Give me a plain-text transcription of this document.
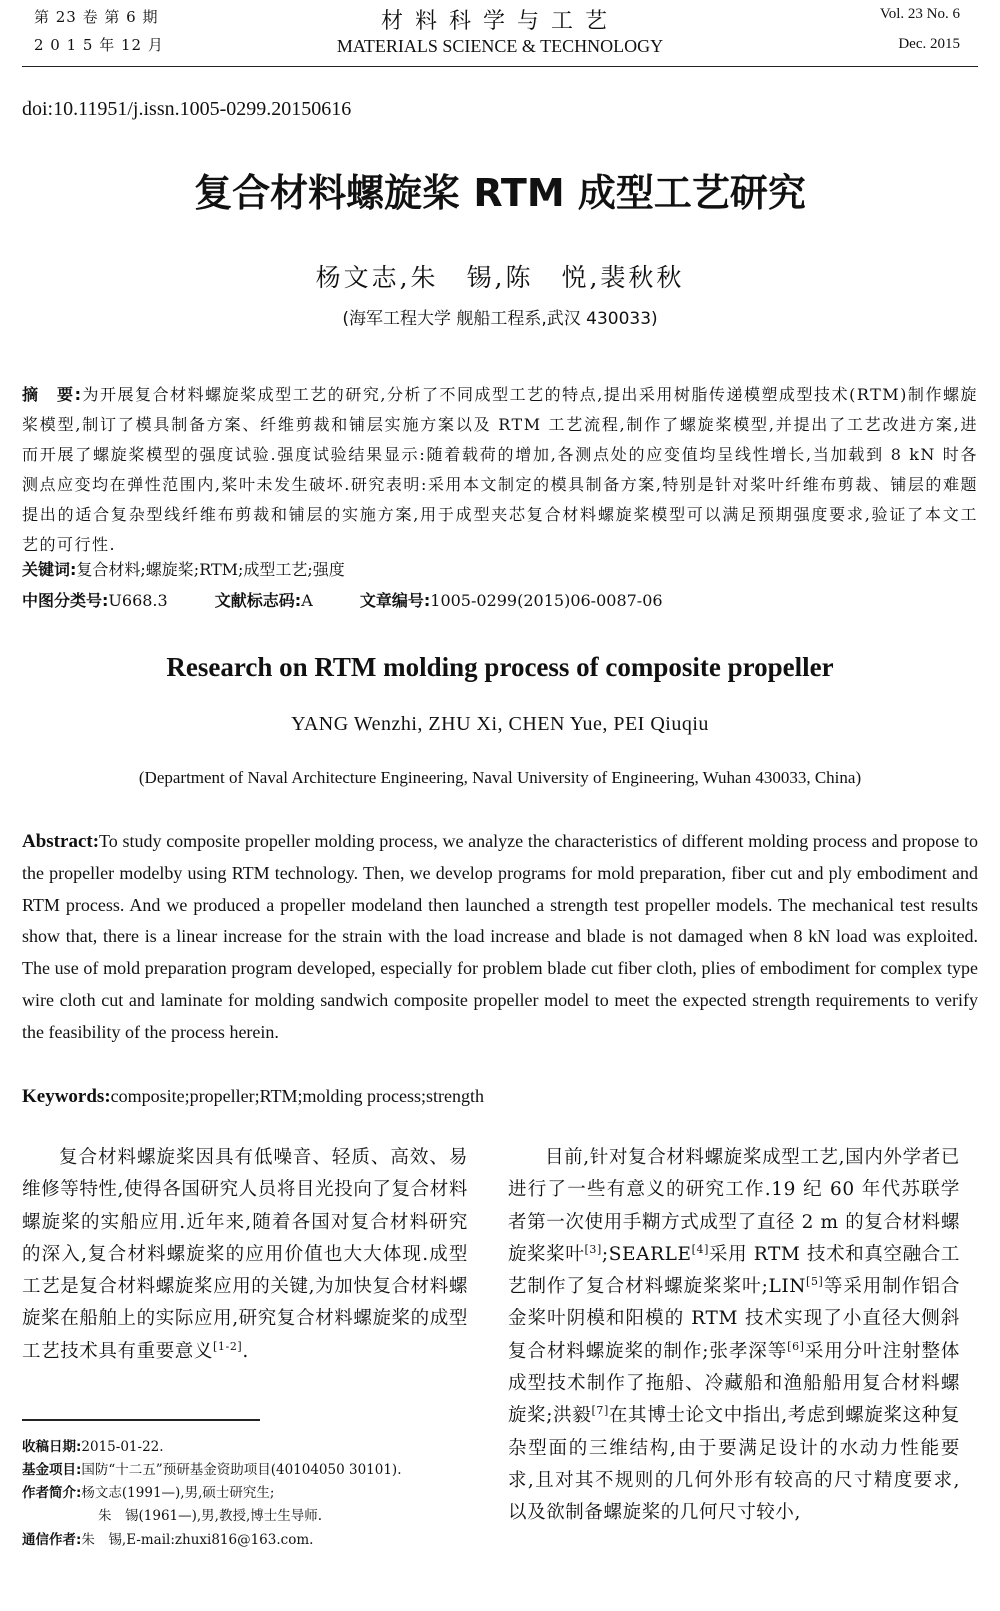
第 23 卷 第 6 期
2 0 1 5 年 12 月
材料科学与工艺
MATERIALS SCIENCE & TECHNOLOGY
Vol. 23 No. 6
Dec. 2015
doi:10.11951/j.issn.1005-0299.20150616
复合材料螺旋桨 RTM 成型工艺研究
杨文志,朱　锡,陈　悦,裴秋秋
(海军工程大学 舰船工程系,武汉 430033)
摘　要:为开展复合材料螺旋桨成型工艺的研究,分析了不同成型工艺的特点,提出采用树脂传递模塑成型技术(RTM)制作螺旋桨模型,制订了模具制备方案、纤维剪裁和铺层实施方案以及 RTM 工艺流程,制作了螺旋桨模型,并提出了工艺改进方案,进而开展了螺旋桨模型的强度试验.强度试验结果显示:随着载荷的增加,各测点处的应变值均呈线性增长,当加载到 8 kN 时各测点应变均在弹性范围内,桨叶未发生破坏.研究表明:采用本文制定的模具制备方案,特别是针对桨叶纤维布剪裁、铺层的难题提出的适合复杂型线纤维布剪裁和铺层的实施方案,用于成型夹芯复合材料螺旋桨模型可以满足预期强度要求,验证了本文工艺的可行性.
关键词:复合材料;螺旋桨;RTM;成型工艺;强度
中图分类号:U668.3	文献标志码:A	文章编号:1005-0299(2015)06-0087-06
Research on RTM molding process of composite propeller
YANG Wenzhi, ZHU Xi, CHEN Yue, PEI Qiuqiu
(Department of Naval Architecture Engineering, Naval University of Engineering, Wuhan 430033, China)
Abstract:To study composite propeller molding process, we analyze the characteristics of different molding process and propose to the propeller modelby using RTM technology. Then, we develop programs for mold preparation, fiber cut and ply embodiment and RTM process. And we produced a propeller modeland then launched a strength test propeller models. The mechanical test results show that, there is a linear increase for the strain with the load increase and blade is not damaged when 8 kN load was exploited. The use of mold preparation program developed, especially for problem blade cut fiber cloth, plies of embodiment for complex type wire cloth cut and laminate for molding sandwich composite propeller model to meet the expected strength requirements to verify the feasibility of the process herein.
Keywords:composite;propeller;RTM;molding process;strength
复合材料螺旋桨因具有低噪音、轻质、高效、易维修等特性,使得各国研究人员将目光投向了复合材料螺旋桨的实船应用.近年来,随着各国对复合材料研究的深入,复合材料螺旋桨的应用价值也大大体现.成型工艺是复合材料螺旋桨应用的关键,为加快复合材料螺旋桨在船舶上的实际应用,研究复合材料螺旋桨的成型工艺技术具有重要意义[1-2].
目前,针对复合材料螺旋桨成型工艺,国内外学者已进行了一些有意义的研究工作.19 纪 60 年代苏联学者第一次使用手糊方式成型了直径 2 m 的复合材料螺旋桨桨叶[3];SEARLE[4]采用 RTM 技术和真空融合工艺制作了复合材料螺旋桨桨叶;LIN[5]等采用制作铝合金桨叶阴模和阳模的 RTM 技术实现了小直径大侧斜复合材料螺旋桨的制作;张孝深等[6]采用分叶注射整体成型技术制作了拖船、冷藏船和渔船船用复合材料螺旋桨;洪毅[7]在其博士论文中指出,考虑到螺旋桨这种复杂型面的三维结构,由于要满足设计的水动力性能要求,且对其不规则的几何外形有较高的尺寸精度要求,以及欲制备螺旋桨的几何尺寸较小,
收稿日期:2015-01-22.
基金项目:国防“十二五”预研基金资助项目(40104050 30101).
作者简介:杨文志(1991—),男,硕士研究生;
朱　锡(1961—),男,教授,博士生导师.
通信作者:朱　锡,E-mail:zhuxi816@163.com.
